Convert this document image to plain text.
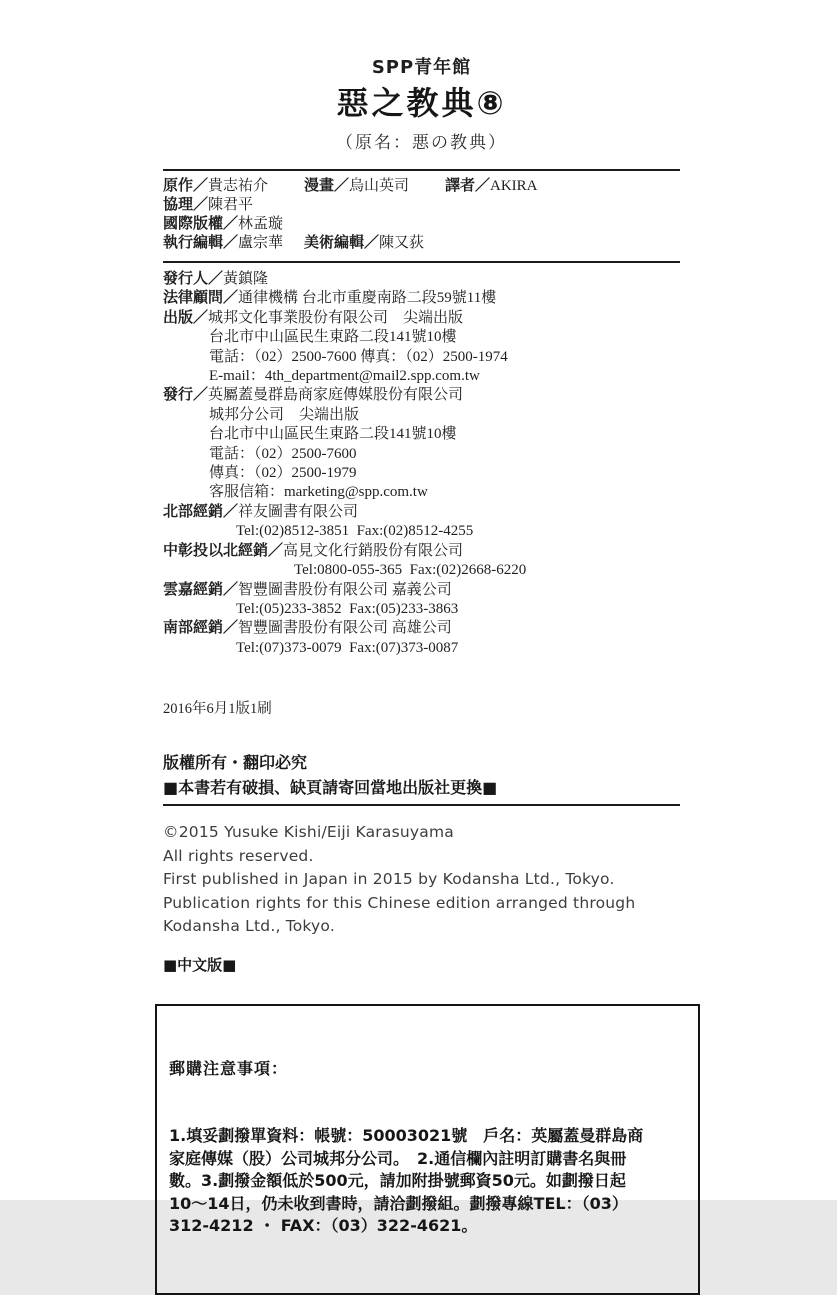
SPP青年館
惡之教典⑧
（原名：悪の教典）
原作／貴志祐介 漫畫／烏山英司 譯者／AKIRA
協理／陳君平
國際版權／林孟璇
執行編輯／盧宗華 美術編輯／陳又荻
發行人／黃鎮隆
法律顧問／通律機構 台北市重慶南路二段59號11樓
出版／城邦文化事業股份有限公司　尖端出版
台北市中山區民生東路二段141號10樓
電話：（02）2500-7600 傳真：（02）2500-1974
E-mail：4th_department@mail2.spp.com.tw
發行／英屬蓋曼群島商家庭傳媒股份有限公司
城邦分公司　尖端出版
台北市中山區民生東路二段141號10樓
電話：（02）2500-7600
傳真：（02）2500-1979
客服信箱：marketing@spp.com.tw
北部經銷／祥友圖書有限公司
Tel:(02)8512-3851  Fax:(02)8512-4255
中彰投以北經銷／高見文化行銷股份有限公司
Tel:0800-055-365  Fax:(02)2668-6220
雲嘉經銷／智豐圖書股份有限公司 嘉義公司
Tel:(05)233-3852  Fax:(05)233-3863
南部經銷／智豐圖書股份有限公司 高雄公司
Tel:(07)373-0079  Fax:(07)373-0087
2016年6月1版1刷
版權所有・翻印必究
■本書若有破損、缺頁請寄回當地出版社更換■
©2015 Yusuke Kishi/Eiji Karasuyama
All rights reserved.
First published in Japan in 2015 by Kodansha Ltd., Tokyo.
Publication rights for this Chinese edition arranged through
Kodansha Ltd., Tokyo.
■中文版■

郵購注意事項：

1.填妥劃撥單資料：帳號：50003021號　戶名：英屬蓋曼群島商
家庭傳媒（股）公司城邦分公司。　2.通信欄內註明訂購書名與冊
數。3.劃撥金額低於500元，請加附掛號郵資50元。如劃撥日起
10～14日，仍未收到書時，請洽劃撥組。劃撥專線TEL：（03）
312-4212 ・ FAX：（03）322-4621。
